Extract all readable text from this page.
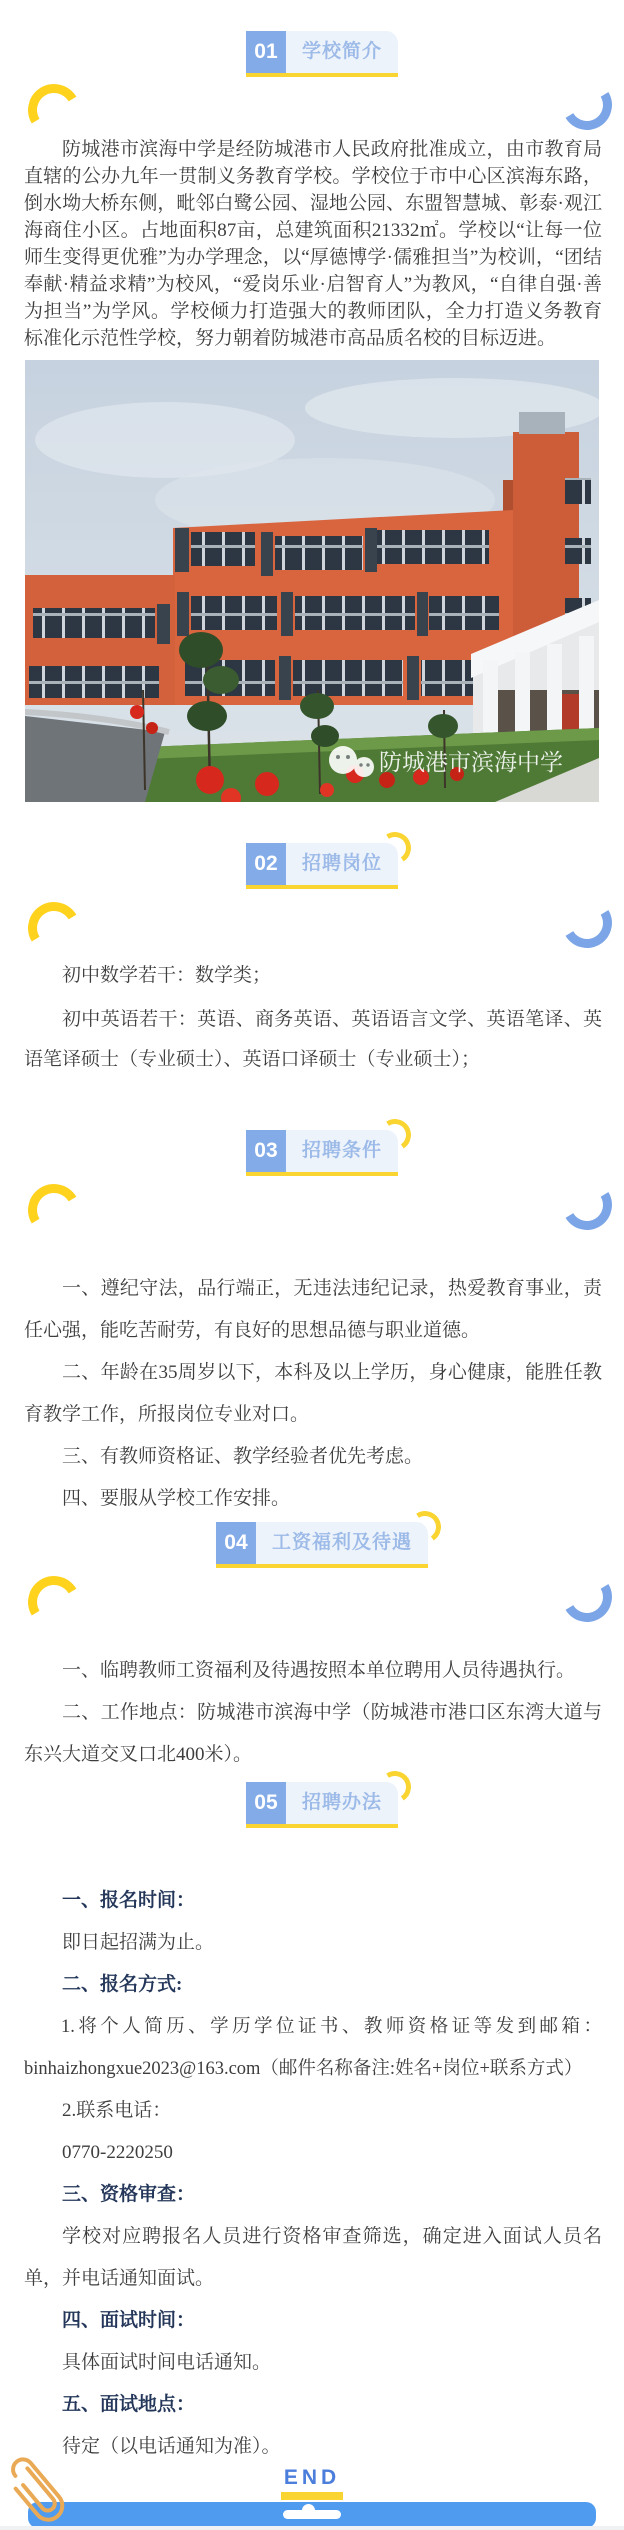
01	学校简介

防城港市滨海中学是经防城港市人民政府批准成立，由市教育局直辖的公办九年一贯制义务教育学校。学校位于市中心区滨海东路，倒水坳大桥东侧，毗邻白鹭公园、湿地公园、东盟智慧城、彰泰·观江海商住小区。占地面积87亩，总建筑面积21332㎡。学校以“让每一位师生变得更优雅”为办学理念，以“厚德博学·儒雅担当”为校训，“团结奉献·精益求精”为校风，“爱岗乐业·启智育人”为教风，“自律自强·善为担当”为学风。学校倾力打造强大的教师团队，全力打造义务教育标准化示范性学校，努力朝着防城港市高品质名校的目标迈进。

防城港市滨海中学
02	招聘岗位

初中数学若干：数学类；

初中英语若干：英语、商务英语、英语语言文学、英语笔译、英语笔译硕士（专业硕士）、英语口译硕士（专业硕士）；

03	招聘条件

一、遵纪守法，品行端正，无违法违纪记录，热爱教育事业，责任心强，能吃苦耐劳，有良好的思想品德与职业道德。

二、年龄在35周岁以下，本科及以上学历，身心健康，能胜任教育教学工作，所报岗位专业对口。

三、有教师资格证、教学经验者优先考虑。

四、要服从学校工作安排。

04	工资福利及待遇

一、临聘教师工资福利及待遇按照本单位聘用人员待遇执行。

二、工作地点：防城港市滨海中学（防城港市港口区东湾大道与东兴大道交叉口北400米）。

05	招聘办法

一、报名时间：

即日起招满为止。

二、报名方式:

1.将个人简历、学历学位证书、教师资格证等发到邮箱：binhaizhongxue2023@163.com（邮件名称备注:姓名+岗位+联系方式）

2.联系电话：

0770-2220250

三、资格审查：

学校对应聘报名人员进行资格审查筛选，确定进入面试人员名单，并电话通知面试。

四、面试时间：

具体面试时间电话通知。

五、面试地点：

待定（以电话通知为准）。

END
